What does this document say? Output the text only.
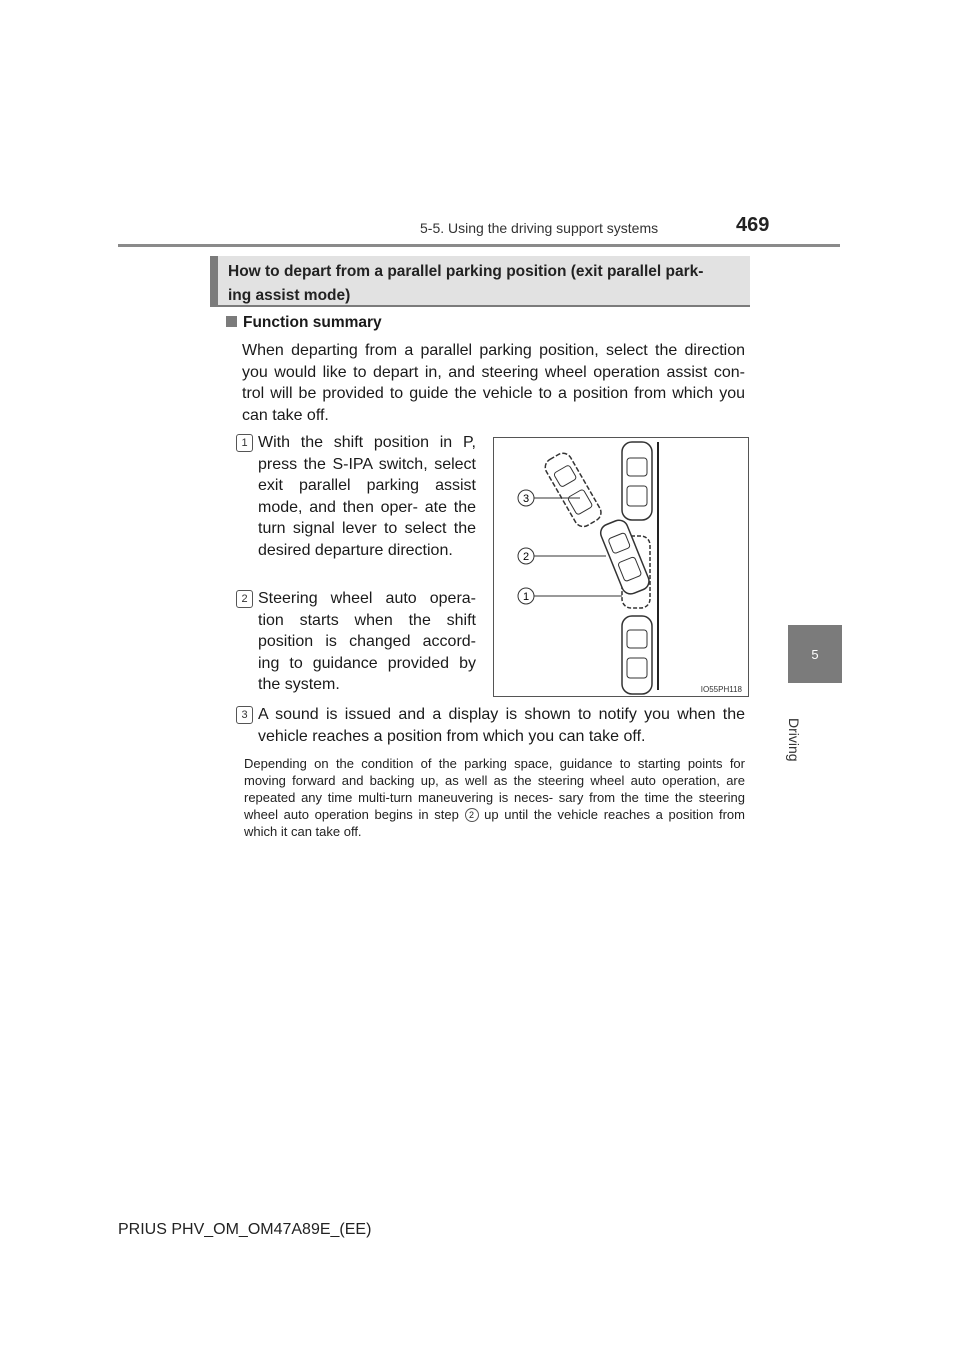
5-5. Using the driving support systems	469
5
Driving
How to depart from a parallel parking position (exit parallel park-
ing assist mode)
Function summary
When departing from a parallel parking position, select the direction you would like to depart in, and steering wheel operation assist con- trol will be provided to guide the vehicle to a position from which you can take off.
1 With the shift position in P, press the S-IPA switch, select exit parallel parking assist mode, and then oper- ate the turn signal lever to select the desired departure direction.
2 Steering wheel auto opera- tion starts when the shift position is changed accord- ing to guidance provided by the system.
3 A sound is issued and a display is shown to notify you when the vehicle reaches a position from which you can take off.
Depending on the condition of the parking space, guidance to starting points for moving forward and backing up, as well as the steering wheel auto operation, are repeated any time multi-turn maneuvering is neces- sary from the time the steering wheel auto operation begins in step 2 up until the vehicle reaches a position from which it can take off.
3
2
1
IO55PH118
PRIUS PHV_OM_OM47A89E_(EE)
